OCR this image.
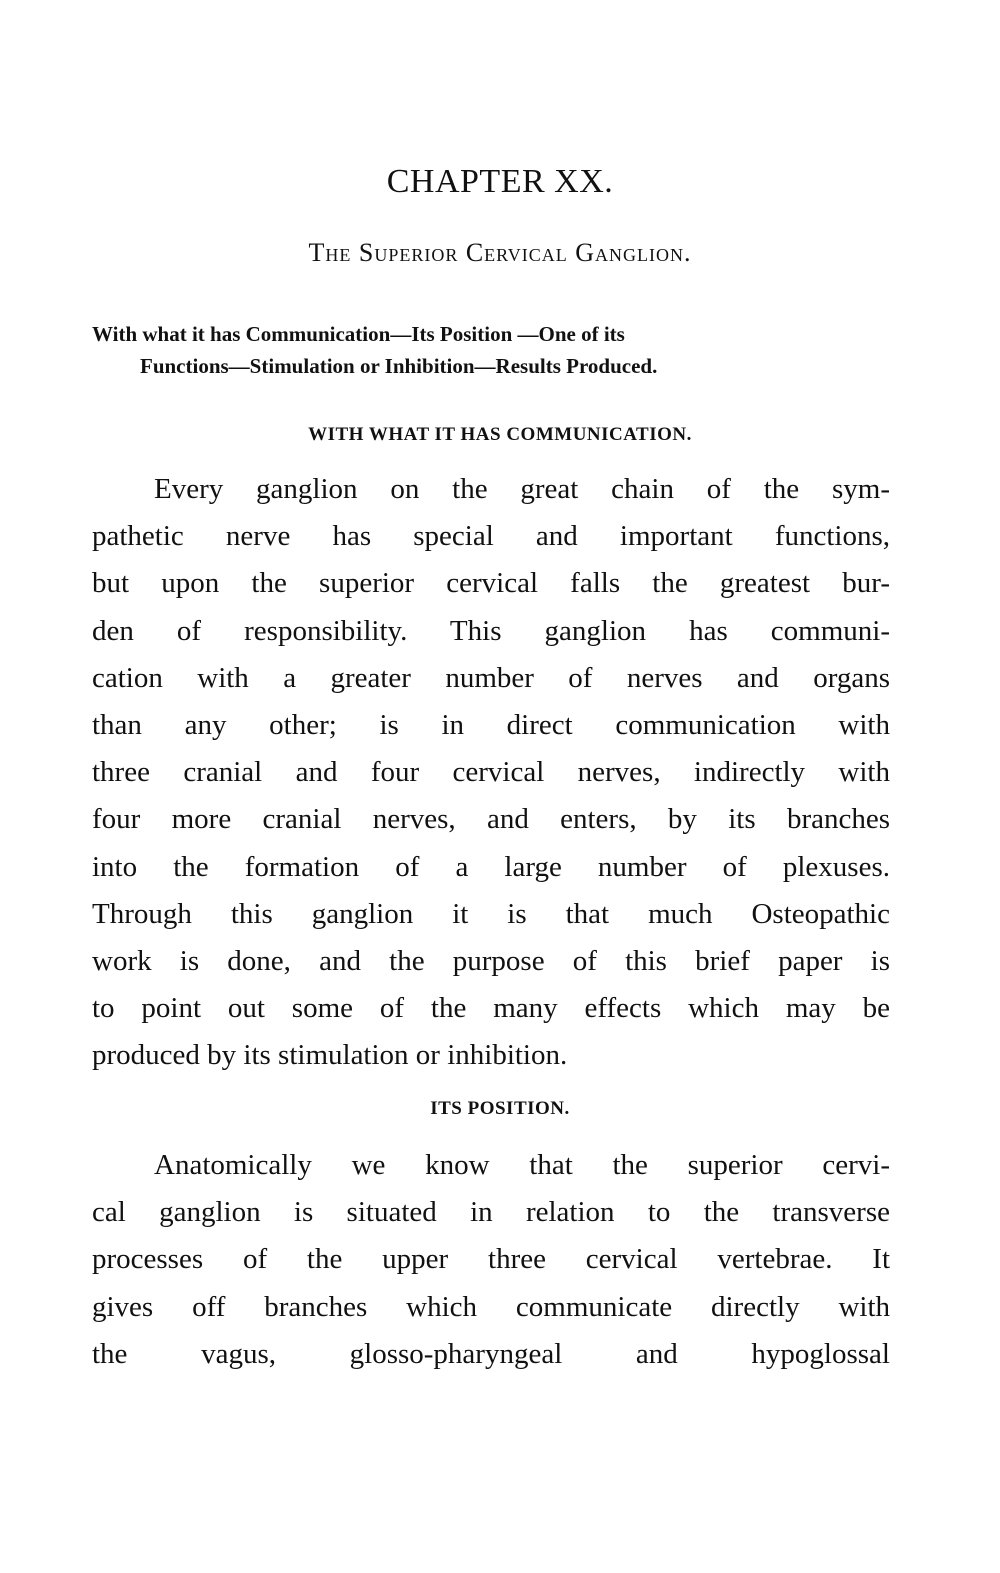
CHAPTER XX.
The Superior Cervical Ganglion.
With what it has Communication—Its Position —One of its
Functions—Stimulation or Inhibition—Results Produced.
WITH WHAT IT HAS COMMUNICATION.
Every ganglion on the great chain of the sym-
pathetic nerve has special and important functions,
but upon the superior cervical falls the greatest bur-
den of responsibility. This ganglion has communi-
cation with a greater number of nerves and organs
than any other; is in direct communication with
three cranial and four cervical nerves, indirectly with
four more cranial nerves, and enters, by its branches
into the formation of a large number of plexuses.
Through this ganglion it is that much Osteopathic
work is done, and the purpose of this brief paper is
to point out some of the many effects which may be
produced by its stimulation or inhibition.
ITS POSITION.
Anatomically we know that the superior cervi-
cal ganglion is situated in relation to the transverse
processes of the upper three cervical vertebrae. It
gives off branches which communicate directly with
the vagus, glosso-pharyngeal and hypoglossal
